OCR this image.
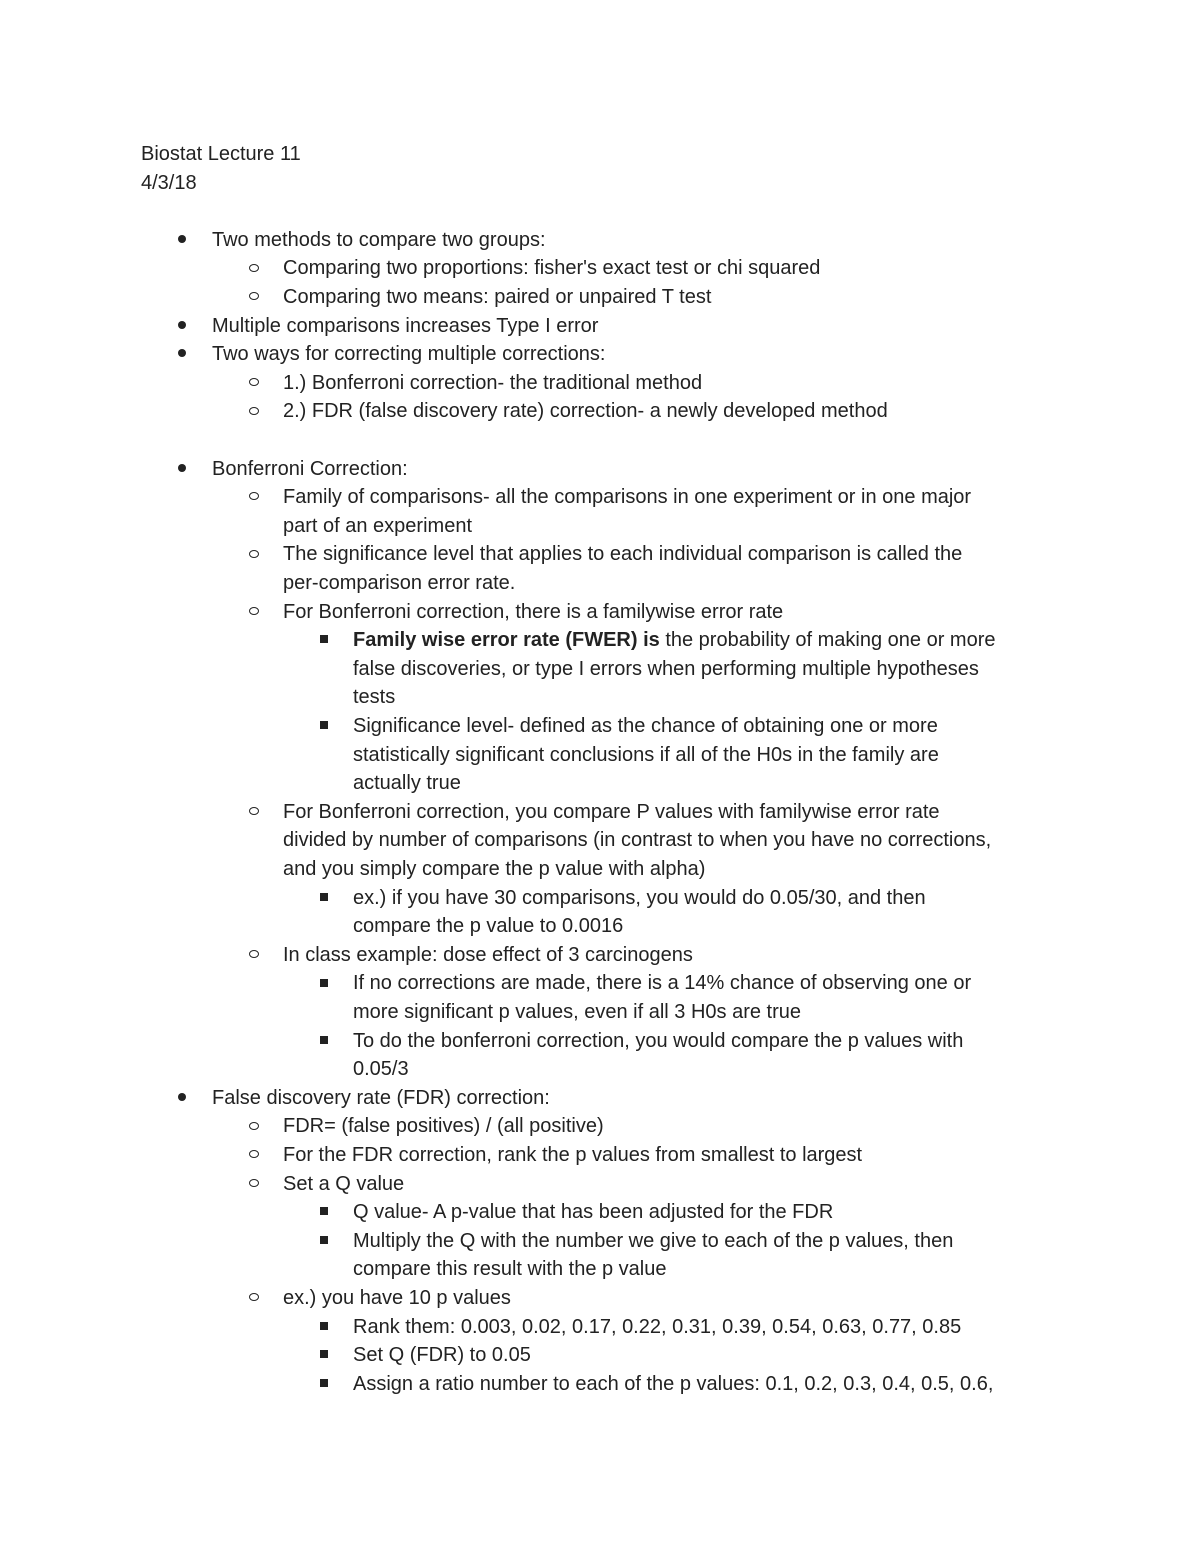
Biostat Lecture 11
4/3/18
Two methods to compare two groups:
Comparing two proportions: fisher's exact test or chi squared
Comparing two means: paired or unpaired T test
Multiple comparisons increases Type I error
Two ways for correcting multiple corrections:
1.) Bonferroni correction- the traditional method
2.) FDR (false discovery rate) correction- a newly developed method
Bonferroni Correction:
Family of comparisons- all the comparisons in one experiment or in one major
part of an experiment
The significance level that applies to each individual comparison is called the
per-comparison error rate.
For Bonferroni correction, there is a familywise error rate
Family wise error rate (FWER) is the probability of making one or more
false discoveries, or type I errors when performing multiple hypotheses
tests
Significance level- defined as the chance of obtaining one or more
statistically significant conclusions if all of the H0s in the family are
actually true
For Bonferroni correction, you compare P values with familywise error rate
divided by number of comparisons (in contrast to when you have no corrections,
and you simply compare the p value with alpha)
ex.) if you have 30 comparisons, you would do 0.05/30, and then
compare the p value to 0.0016
In class example: dose effect of 3 carcinogens
If no corrections are made, there is a 14% chance of observing one or
more significant p values, even if all 3 H0s are true
To do the bonferroni correction, you would compare the p values with
0.05/3
False discovery rate (FDR) correction:
FDR= (false positives) / (all positive)
For the FDR correction, rank the p values from smallest to largest
Set a Q value
Q value- A p-value that has been adjusted for the FDR
Multiply the Q with the number we give to each of the p values, then
compare this result with the p value
ex.) you have 10 p values
Rank them: 0.003, 0.02, 0.17, 0.22, 0.31, 0.39, 0.54, 0.63, 0.77, 0.85
Set Q (FDR) to 0.05
Assign a ratio number to each of the p values: 0.1, 0.2, 0.3, 0.4, 0.5, 0.6,
